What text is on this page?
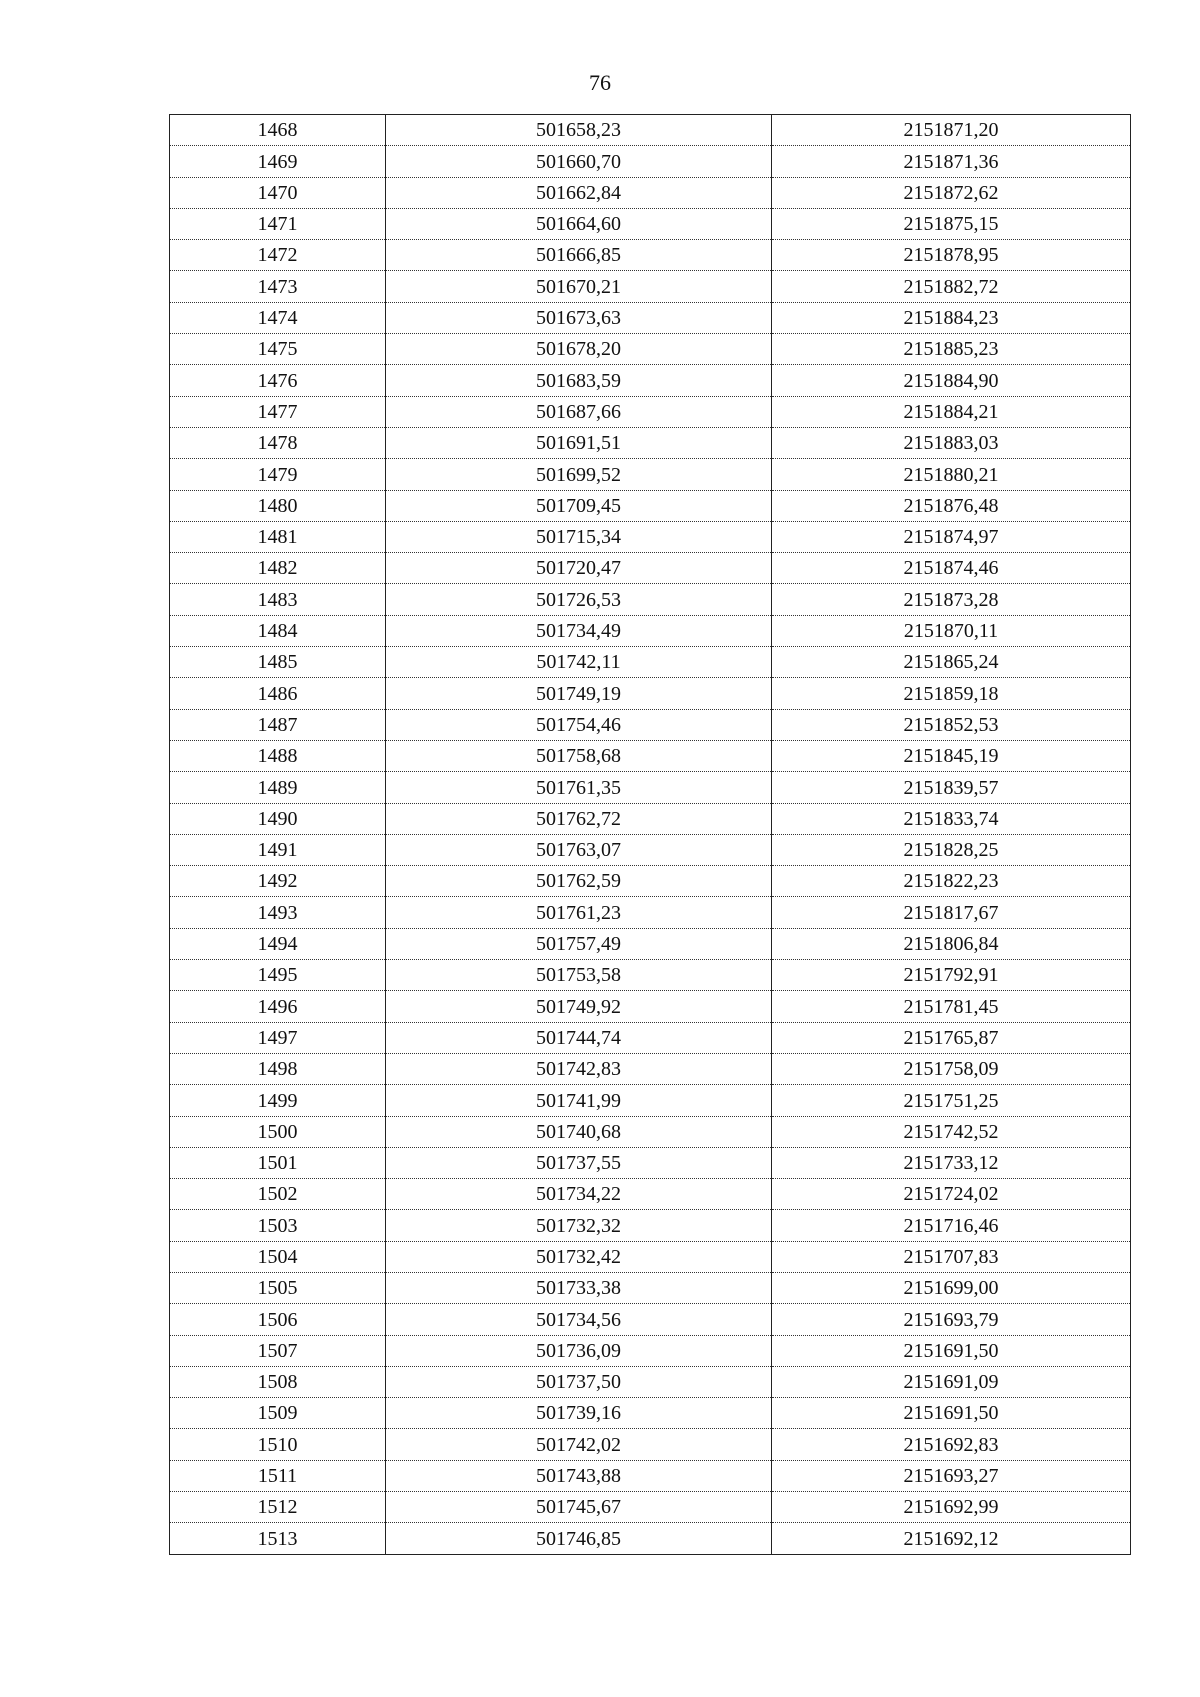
76
1468	501658,23	2151871,20
1469	501660,70	2151871,36
1470	501662,84	2151872,62
1471	501664,60	2151875,15
1472	501666,85	2151878,95
1473	501670,21	2151882,72
1474	501673,63	2151884,23
1475	501678,20	2151885,23
1476	501683,59	2151884,90
1477	501687,66	2151884,21
1478	501691,51	2151883,03
1479	501699,52	2151880,21
1480	501709,45	2151876,48
1481	501715,34	2151874,97
1482	501720,47	2151874,46
1483	501726,53	2151873,28
1484	501734,49	2151870,11
1485	501742,11	2151865,24
1486	501749,19	2151859,18
1487	501754,46	2151852,53
1488	501758,68	2151845,19
1489	501761,35	2151839,57
1490	501762,72	2151833,74
1491	501763,07	2151828,25
1492	501762,59	2151822,23
1493	501761,23	2151817,67
1494	501757,49	2151806,84
1495	501753,58	2151792,91
1496	501749,92	2151781,45
1497	501744,74	2151765,87
1498	501742,83	2151758,09
1499	501741,99	2151751,25
1500	501740,68	2151742,52
1501	501737,55	2151733,12
1502	501734,22	2151724,02
1503	501732,32	2151716,46
1504	501732,42	2151707,83
1505	501733,38	2151699,00
1506	501734,56	2151693,79
1507	501736,09	2151691,50
1508	501737,50	2151691,09
1509	501739,16	2151691,50
1510	501742,02	2151692,83
1511	501743,88	2151693,27
1512	501745,67	2151692,99
1513	501746,85	2151692,12
